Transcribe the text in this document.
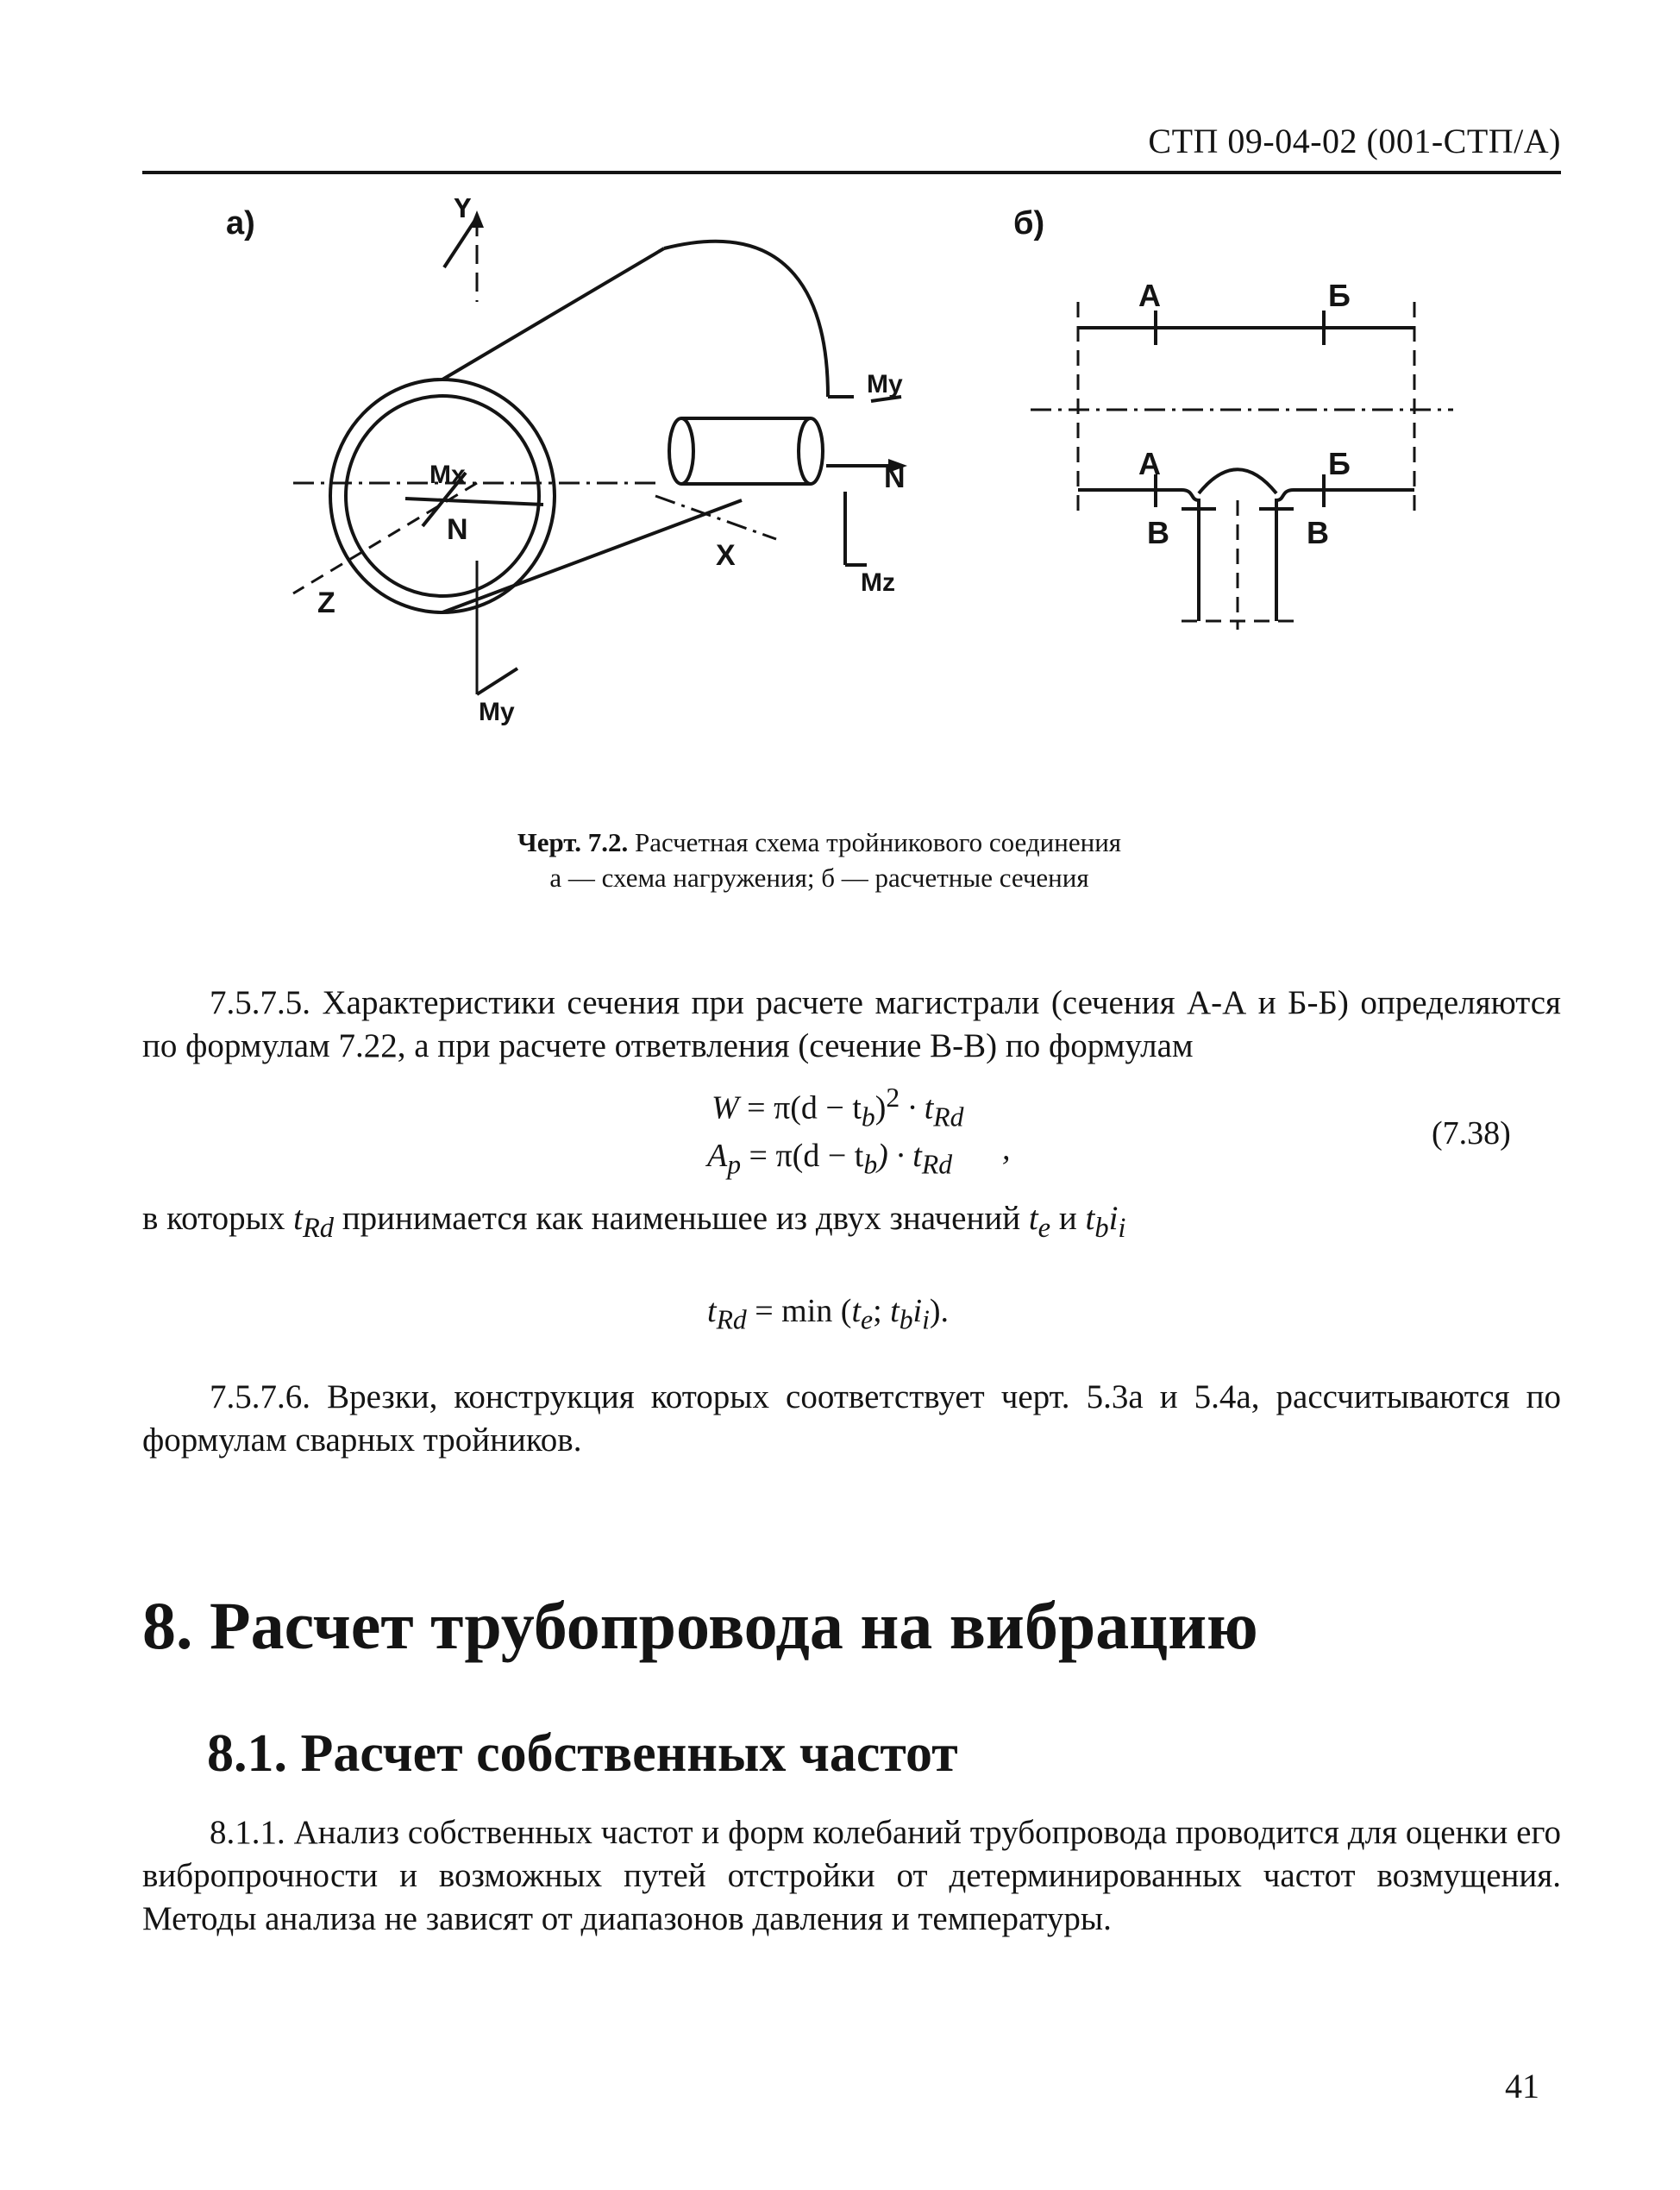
СТП 09-04-02 (001-СТП/А)
а)	б)
Y
Z
X
N
N
Mx
My
Mz
My
А	Б
А	Б
В	В
Черт. 7.2. Расчетная схема тройникового соединения
а — схема нагружения; б — расчетные сечения
7.5.7.5. Характеристики сечения при расчете магистрали (сечения А-А и Б-Б) определяются по формулам 7.22, а при расчете ответвления (сечение В-В) по формулам
$W = \pi(d - t_b)^2 \cdot t_{Rd}$
$A_p = \pi(d - t_b) \cdot t_{Rd}$ ,	(7.38)
в которых $t_{Rd}$ принимается как наименьшее из двух значений $t_e$ и $t_bi_i$
$t_{Rd} = \min (t_e$; $t_bi_i$).
7.5.7.6. Врезки, конструкция которых соответствует черт. 5.3а и 5.4а, рассчитываются по формулам сварных тройников.
8. Расчет трубопровода на вибрацию
8.1. Расчет собственных частот
8.1.1. Анализ собственных частот и форм колебаний трубопровода проводится для оценки его вибропрочности и возможных путей отстройки от детерминированных частот возмущения. Методы анализа не зависят от диапазонов давления и температуры.
41
